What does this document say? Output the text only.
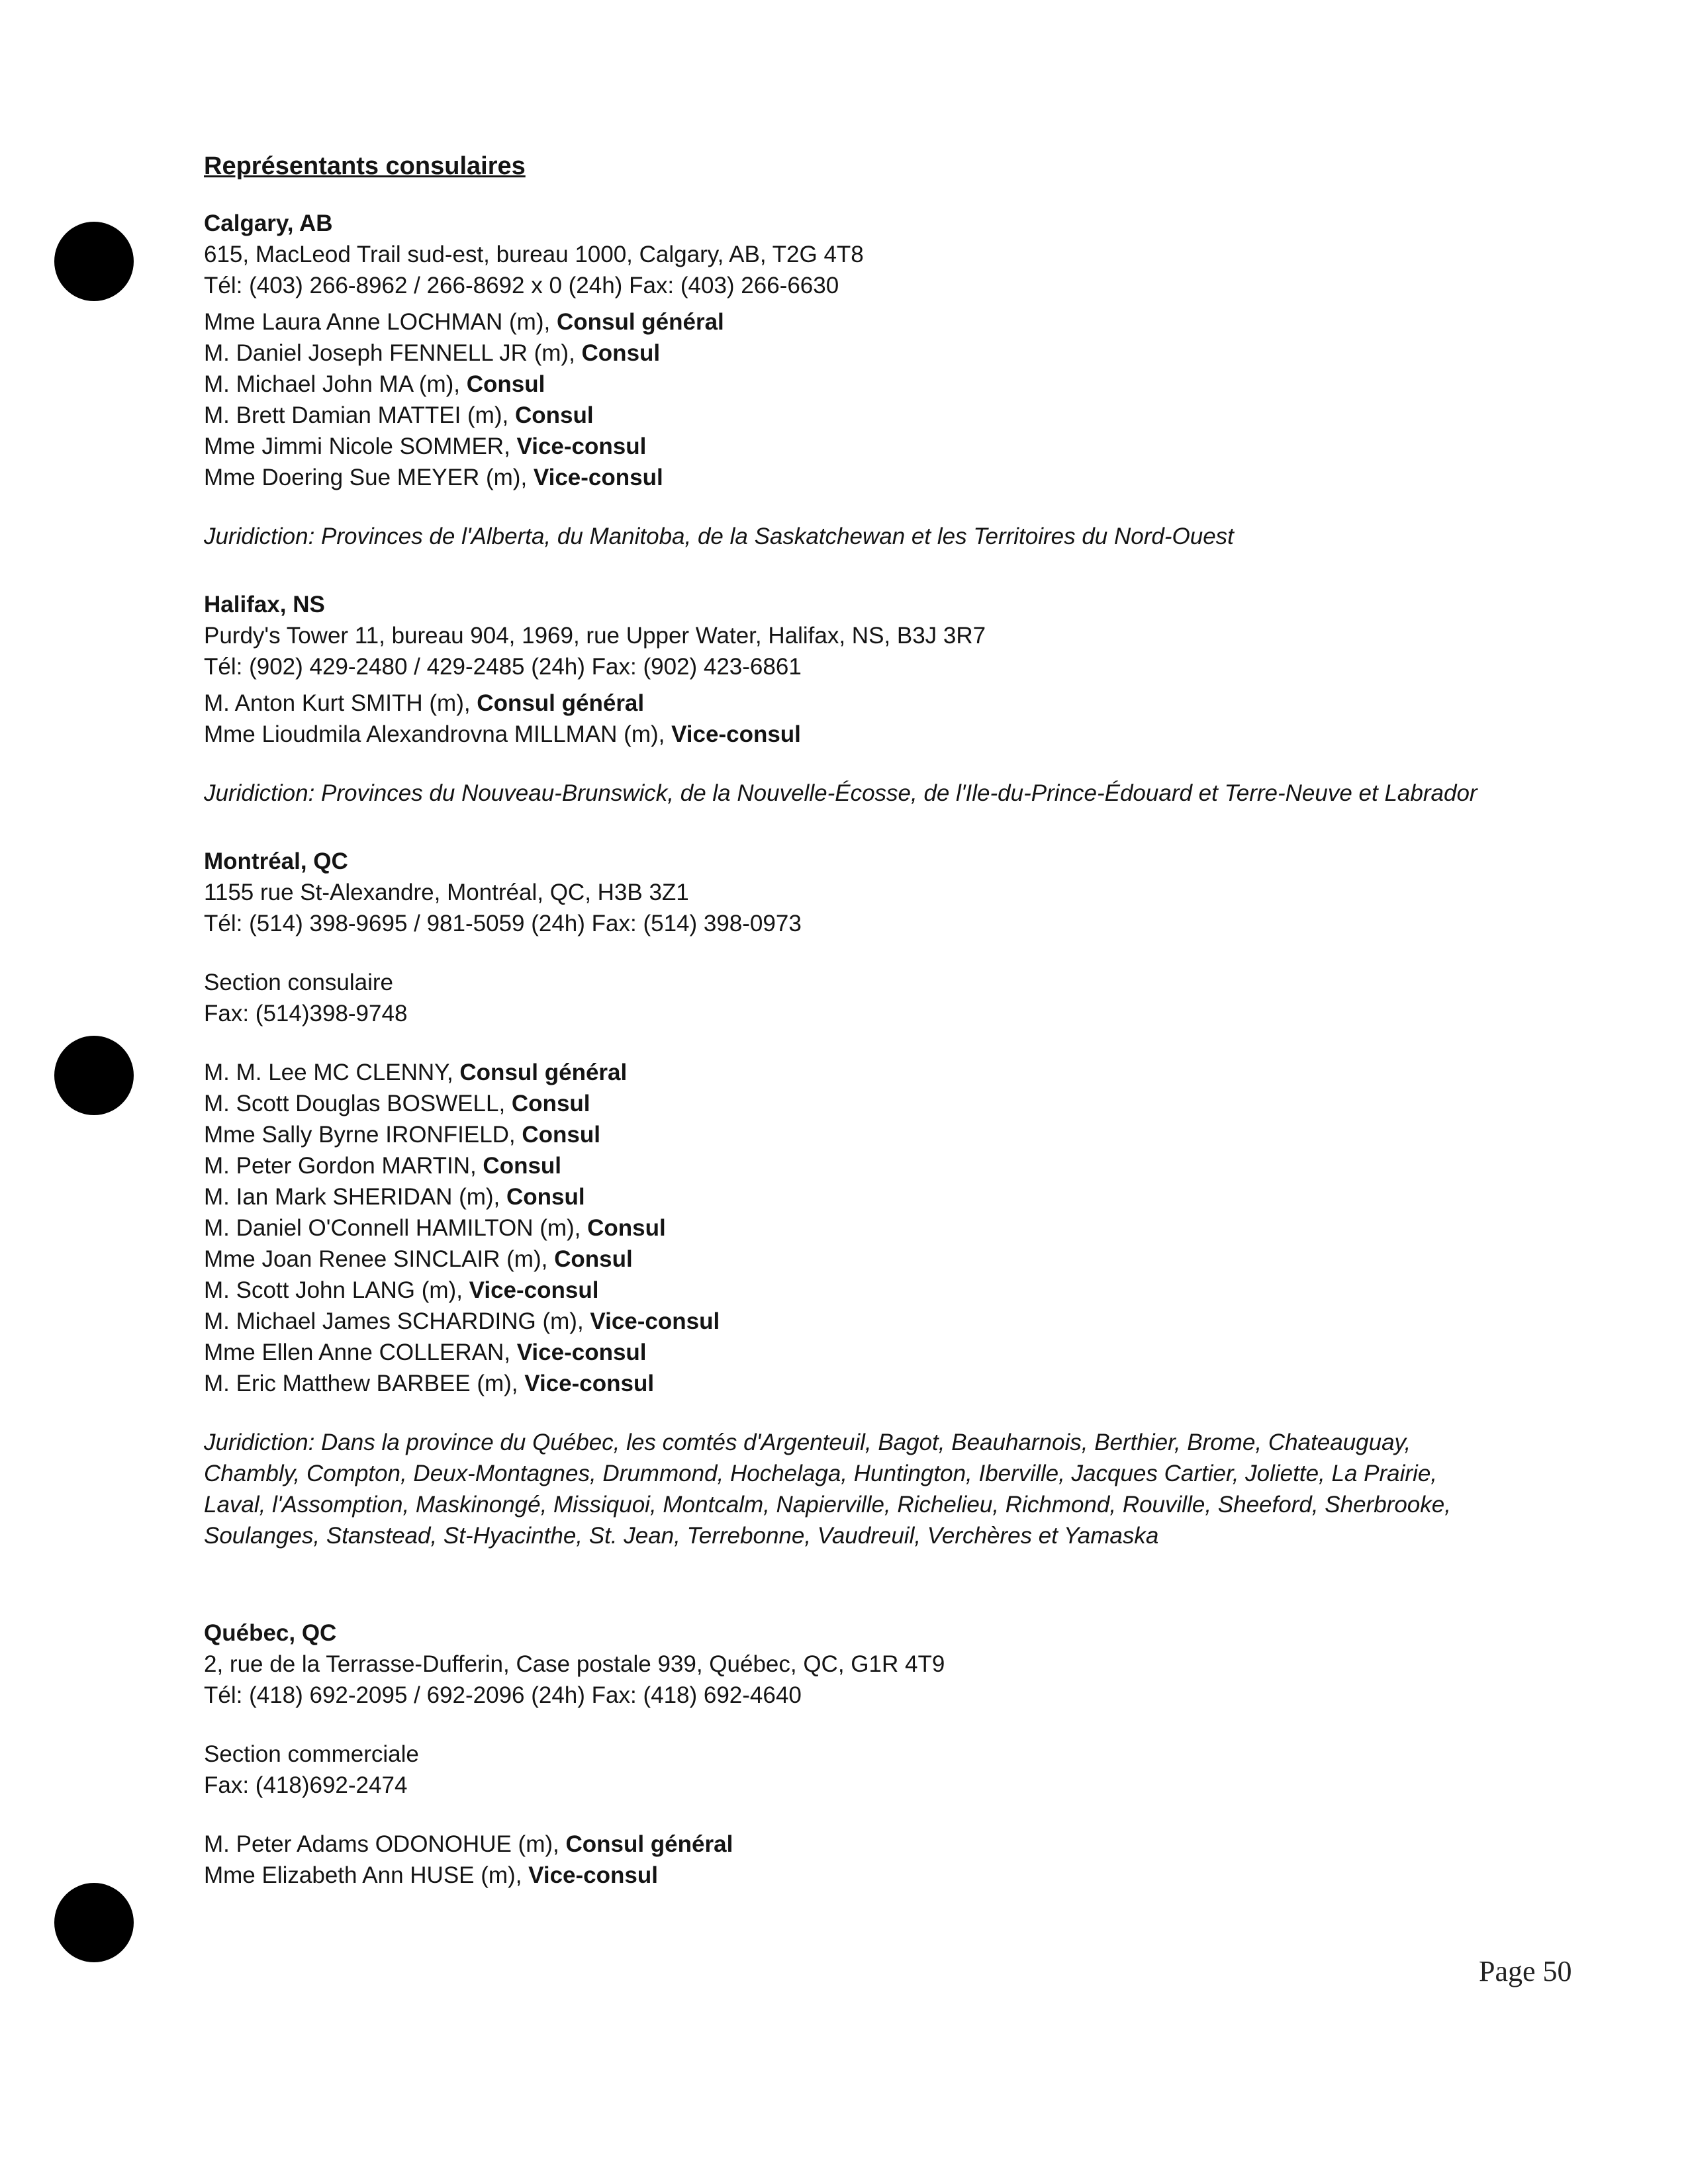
Représentants consulaires
Calgary, AB
615, MacLeod Trail sud-est, bureau 1000, Calgary, AB, T2G 4T8
Tél: (403) 266-8962 / 266-8692 x 0 (24h) Fax: (403) 266-6630
Mme Laura Anne LOCHMAN (m), Consul général
M. Daniel Joseph FENNELL JR (m), Consul
M. Michael John MA (m), Consul
M. Brett Damian MATTEI (m), Consul
Mme Jimmi Nicole SOMMER, Vice-consul
Mme Doering Sue MEYER (m), Vice-consul
Juridiction: Provinces de l'Alberta, du Manitoba, de la Saskatchewan et les Territoires du Nord-Ouest
Halifax, NS
Purdy's Tower 11, bureau 904, 1969, rue Upper Water, Halifax, NS, B3J 3R7
Tél: (902) 429-2480 / 429-2485 (24h) Fax: (902) 423-6861
M. Anton Kurt SMITH (m), Consul général
Mme Lioudmila Alexandrovna MILLMAN (m), Vice-consul
Juridiction: Provinces du Nouveau-Brunswick, de la Nouvelle-Écosse, de l'Ile-du-Prince-Édouard et Terre-Neuve et Labrador
Montréal, QC
1155 rue St-Alexandre, Montréal, QC, H3B 3Z1
Tél: (514) 398-9695 / 981-5059 (24h) Fax: (514) 398-0973
Section consulaire
Fax: (514)398-9748
M. M. Lee MC CLENNY, Consul général
M. Scott Douglas BOSWELL, Consul
Mme Sally Byrne IRONFIELD, Consul
M. Peter Gordon MARTIN, Consul
M. Ian Mark SHERIDAN (m), Consul
M. Daniel O'Connell HAMILTON (m), Consul
Mme Joan Renee SINCLAIR (m), Consul
M. Scott John LANG (m), Vice-consul
M. Michael James SCHARDING (m), Vice-consul
Mme Ellen Anne COLLERAN, Vice-consul
M. Eric Matthew BARBEE (m), Vice-consul
Juridiction: Dans la province du Québec, les comtés d'Argenteuil, Bagot, Beauharnois, Berthier, Brome, Chateauguay, Chambly, Compton, Deux-Montagnes, Drummond, Hochelaga, Huntington, Iberville, Jacques Cartier, Joliette, La Prairie, Laval, l'Assomption, Maskinongé, Missiquoi, Montcalm, Napierville, Richelieu, Richmond, Rouville, Sheeford, Sherbrooke, Soulanges, Stanstead, St-Hyacinthe, St. Jean, Terrebonne, Vaudreuil, Verchères et Yamaska
Québec, QC
2, rue de la Terrasse-Dufferin, Case postale 939, Québec, QC, G1R 4T9
Tél: (418) 692-2095 / 692-2096 (24h) Fax: (418) 692-4640
Section commerciale
Fax: (418)692-2474
M. Peter Adams ODONOHUE (m), Consul général
Mme Elizabeth Ann HUSE (m), Vice-consul
Page 50
